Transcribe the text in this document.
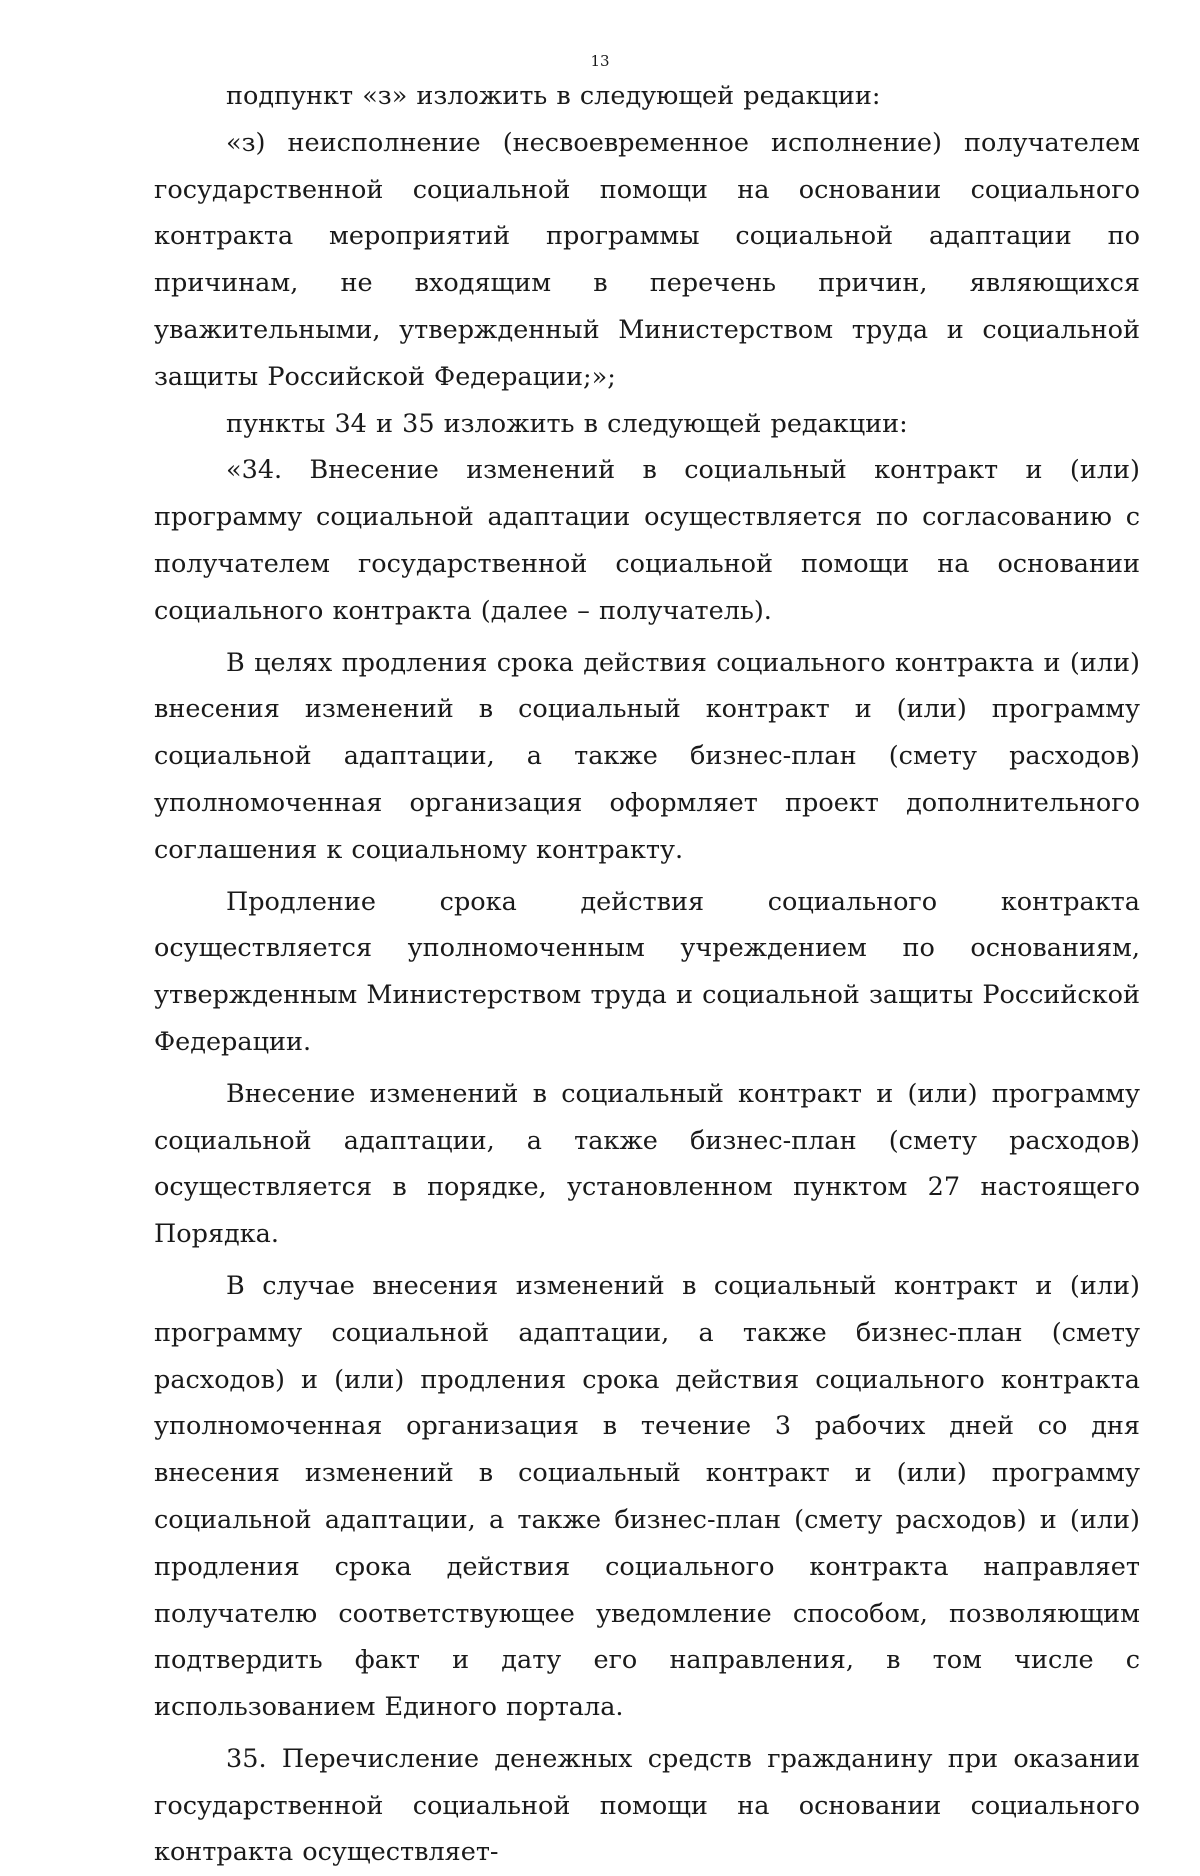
13

подпункт «з» изложить в следующей редакции:

«з) неисполнение (несвоевременное исполнение) получателем государственной социальной помощи на основании социального контракта мероприятий программы социальной адаптации по причинам, не входящим в перечень причин, являющихся уважительными, утвержденный Министерством труда и социальной защиты Российской Федерации;»;

пункты 34 и 35 изложить в следующей редакции:

«34. Внесение изменений в социальный контракт и (или) программу социальной адаптации осуществляется по согласованию с получателем государственной социальной помощи на основании социального контракта (далее – получатель).

В целях продления срока действия социального контракта и (или) внесения изменений в социальный контракт и (или) программу социальной адаптации, а также бизнес-план (смету расходов) уполномоченная организация оформляет проект дополнительного соглашения к социальному контракту.

Продление срока действия социального контракта осуществляется уполномоченным учреждением по основаниям, утвержденным Министерством труда и социальной защиты Российской Федерации.

Внесение изменений в социальный контракт и (или) программу социальной адаптации, а также бизнес-план (смету расходов) осуществляется в порядке, установленном пунктом 27 настоящего Порядка.

В случае внесения изменений в социальный контракт и (или) программу социальной адаптации, а также бизнес-план (смету расходов) и (или) продления срока действия социального контракта уполномоченная организация в течение 3 рабочих дней со дня внесения изменений в социальный контракт и (или) программу социальной адаптации, а также бизнес-план (смету расходов) и (или) продления срока действия социального контракта направляет получателю соответствующее уведомление способом, позволяющим подтвердить факт и дату его направления, в том числе с использованием Единого портала.

35. Перечисление денежных средств гражданину при оказании государственной социальной помощи на основании социального контракта осуществляет-
